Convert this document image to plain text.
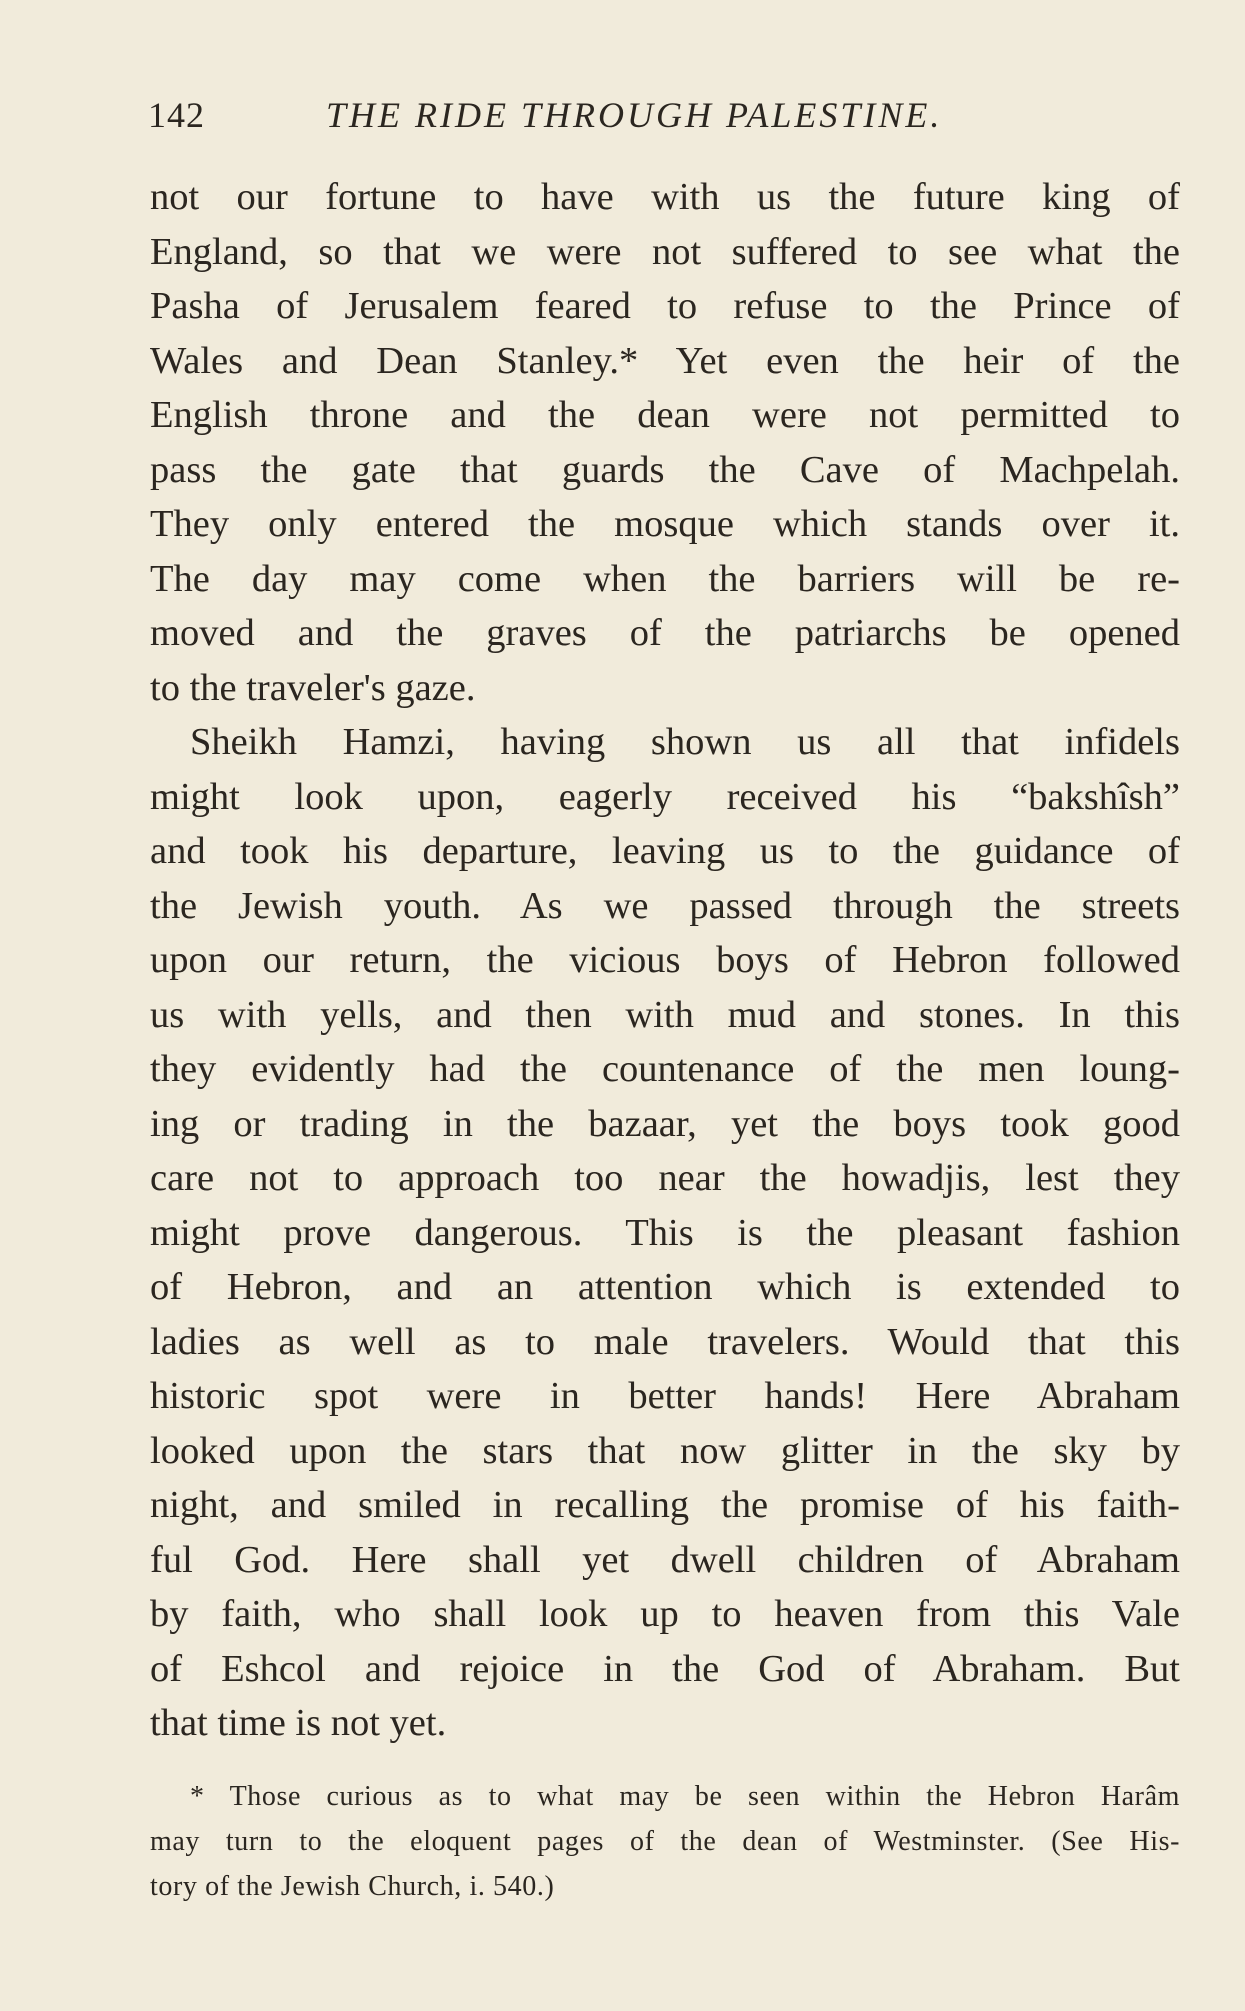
142	THE RIDE THROUGH PALESTINE.
not our fortune to have with us the future king of
England, so that we were not suffered to see what the
Pasha of Jerusalem feared to refuse to the Prince of
Wales and Dean Stanley.* Yet even the heir of the
English throne and the dean were not permitted to
pass the gate that guards the Cave of Machpelah.
They only entered the mosque which stands over it.
The day may come when the barriers will be re-
moved and the graves of the patriarchs be opened
to the traveler's gaze.
Sheikh Hamzi, having shown us all that infidels
might look upon, eagerly received his “bakshîsh”
and took his departure, leaving us to the guidance of
the Jewish youth. As we passed through the streets
upon our return, the vicious boys of Hebron followed
us with yells, and then with mud and stones. In this
they evidently had the countenance of the men loung-
ing or trading in the bazaar, yet the boys took good
care not to approach too near the howadjis, lest they
might prove dangerous. This is the pleasant fashion
of Hebron, and an attention which is extended to
ladies as well as to male travelers. Would that this
historic spot were in better hands! Here Abraham
looked upon the stars that now glitter in the sky by
night, and smiled in recalling the promise of his faith-
ful God. Here shall yet dwell children of Abraham
by faith, who shall look up to heaven from this Vale
of Eshcol and rejoice in the God of Abraham. But
that time is not yet.
* Those curious as to what may be seen within the Hebron Harâm
may turn to the eloquent pages of the dean of Westminster. (See His-
tory of the Jewish Church, i. 540.)
